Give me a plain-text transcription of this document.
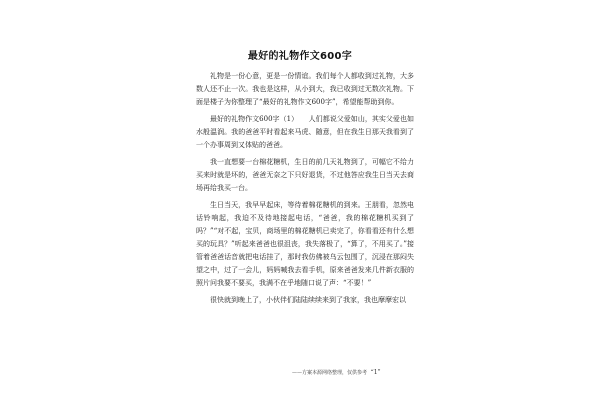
最好的礼物作文600字

礼物是一份心意，更是一份情谊。我们每个人都收到过礼物，大多数人还不止一次。我也是这样，从小到大，我已收到过无数次礼物。下面是楼子为你整理了“最好的礼物作文600字”，希望能帮助到你。

最好的礼物作文600字（1）　　人们都说父爱如山，其实父爱也如水般温润。我的爸爸平时看起来马虎、随意，但在我生日那天我看到了一个办事周到又体贴的爸爸。

我一直想要一台棉花糖机，生日的前几天礼物到了，可幅它不给力买来时就是坏的，爸爸无奈之下只好退货，不过他答应我生日当天去商场再给我买一台。

生日当天，我早早起床，等待着棉花糖机的到来。王朋看，忽然电话铃响起，我迫不及待地接起电话，“爸爸，我的棉花糖机买到了吗？”“对不起，宝贝，商场里的棉花糖机已卖完了，你看看还有什么想买的玩具？”听起来爸爸也很沮丧，我失落极了，“算了，不用买了。”接管着爸爸话音就把电话挂了，那时我仿佛被乌云包围了，沉浸在那闷失望之中，过了一会儿，妈妈喊我去看手机，原来爸爸发来几件新衣服的照片问我要不要买，我满不在乎地随口说了声：“不要！”

很快就到晚上了，小伙伴们陆陆续续来到了我家，我也摩摩宏以

——方案本源网络整理，仅供参考 “1”
